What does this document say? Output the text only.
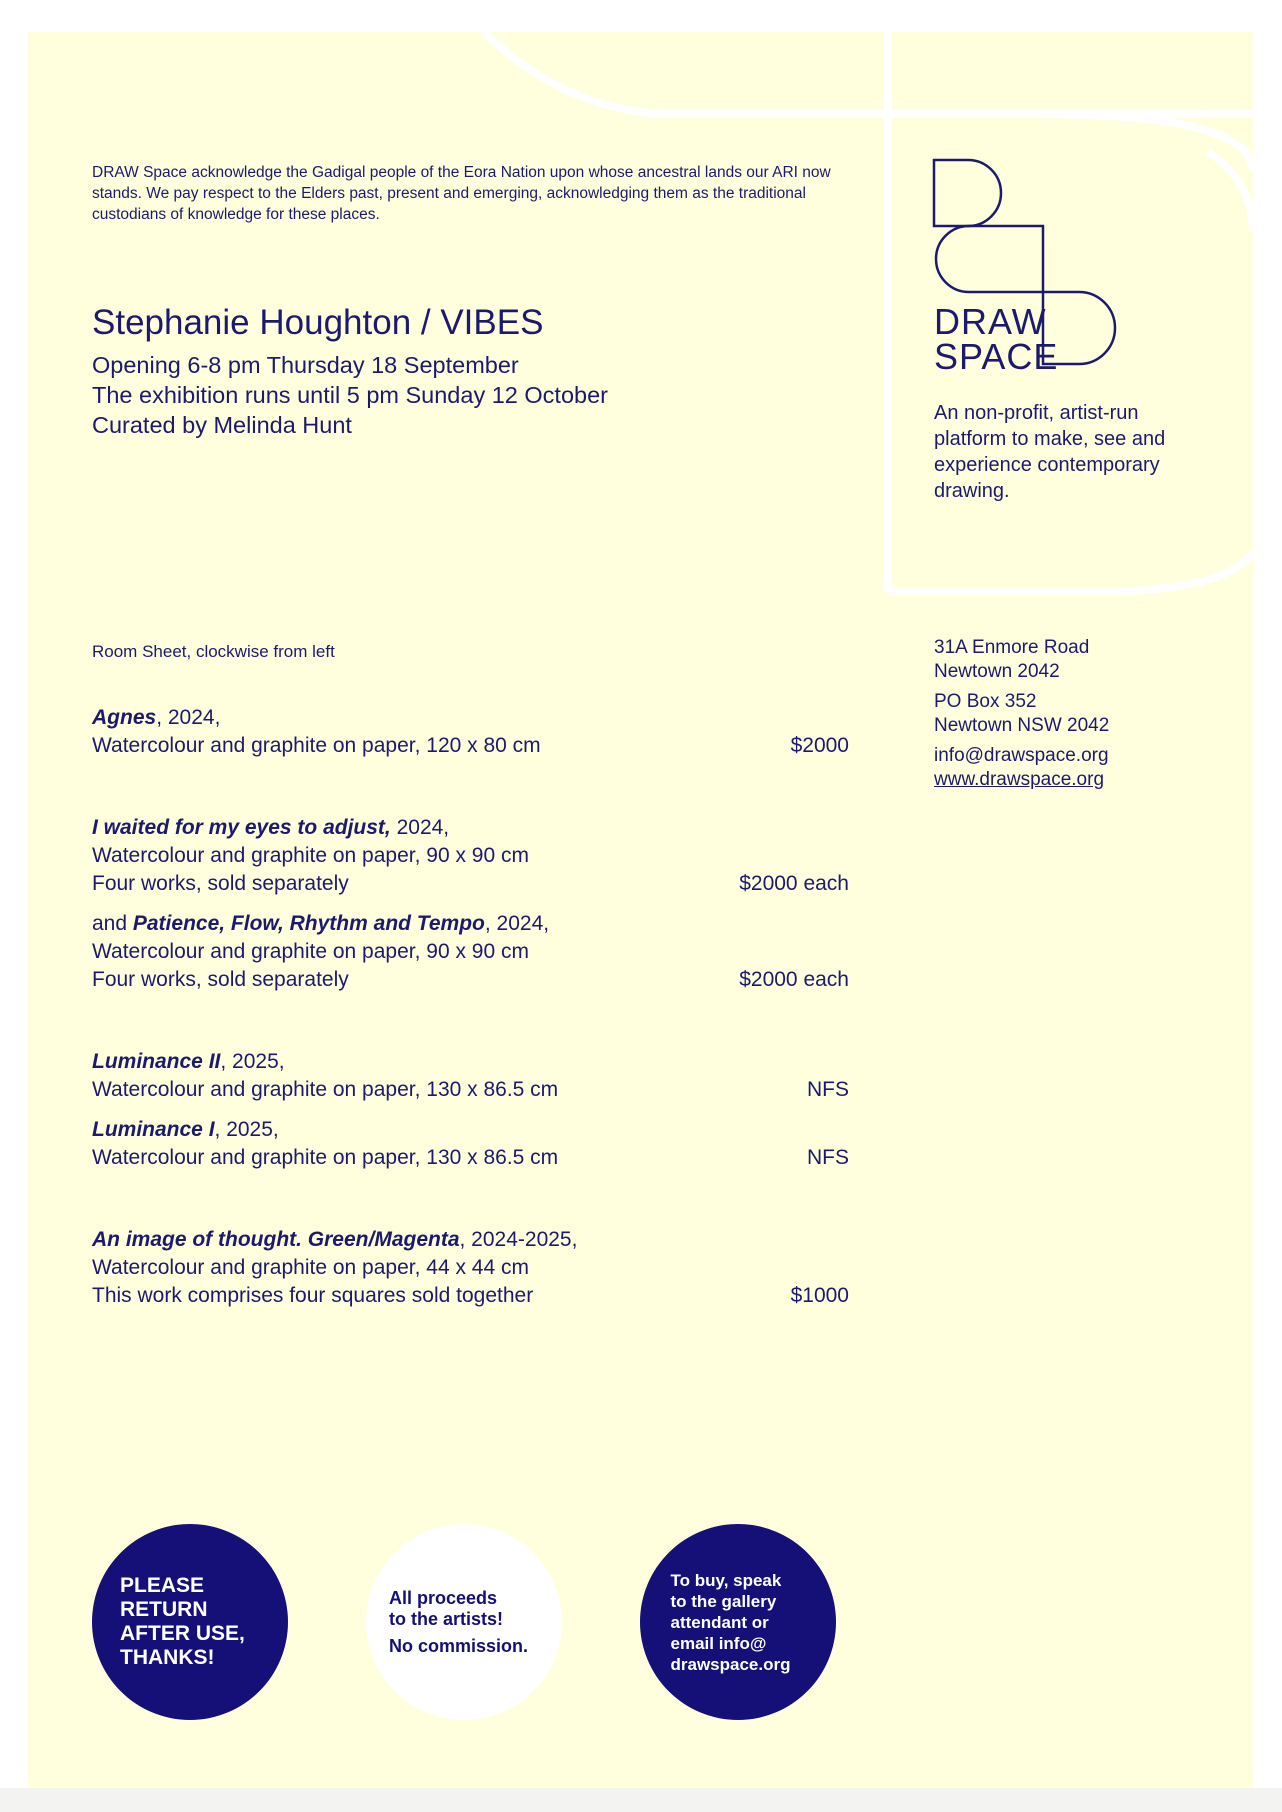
DRAW Space acknowledge the Gadigal people of the Eora Nation upon whose ancestral lands our ARI now stands. We pay respect to the Elders past, present and emerging, acknowledging them as the traditional custodians of knowledge for these places.
Stephanie Houghton / VIBES
Opening 6-8 pm Thursday 18 September
The exhibition runs until 5 pm Sunday 12 October
Curated by Melinda Hunt
DRAW
SPACE
An non-profit, artist-run platform to make, see and experience contemporary drawing.
31A Enmore Road
Newtown 2042
PO Box 352
Newtown NSW 2042
info@drawspace.org
www.drawspace.org
Room Sheet, clockwise from left
Agnes, 2024,
Watercolour and graphite on paper, 120 x 80 cm	$2000
I waited for my eyes to adjust, 2024,
Watercolour and graphite on paper, 90 x 90 cm
Four works, sold separately	$2000 each
and Patience, Flow, Rhythm and Tempo, 2024,
Watercolour and graphite on paper, 90 x 90 cm
Four works, sold separately	$2000 each
Luminance II, 2025,
Watercolour and graphite on paper, 130 x 86.5 cm	NFS
Luminance I, 2025,
Watercolour and graphite on paper, 130 x 86.5 cm	NFS
An image of thought. Green/Magenta, 2024-2025,
Watercolour and graphite on paper, 44 x 44 cm
This work comprises four squares sold together	$1000
PLEASE
RETURN
AFTER USE,
THANKS!
All proceeds
to the artists!
No commission.
To buy, speak
to the gallery
attendant or
email info@
drawspace.org
